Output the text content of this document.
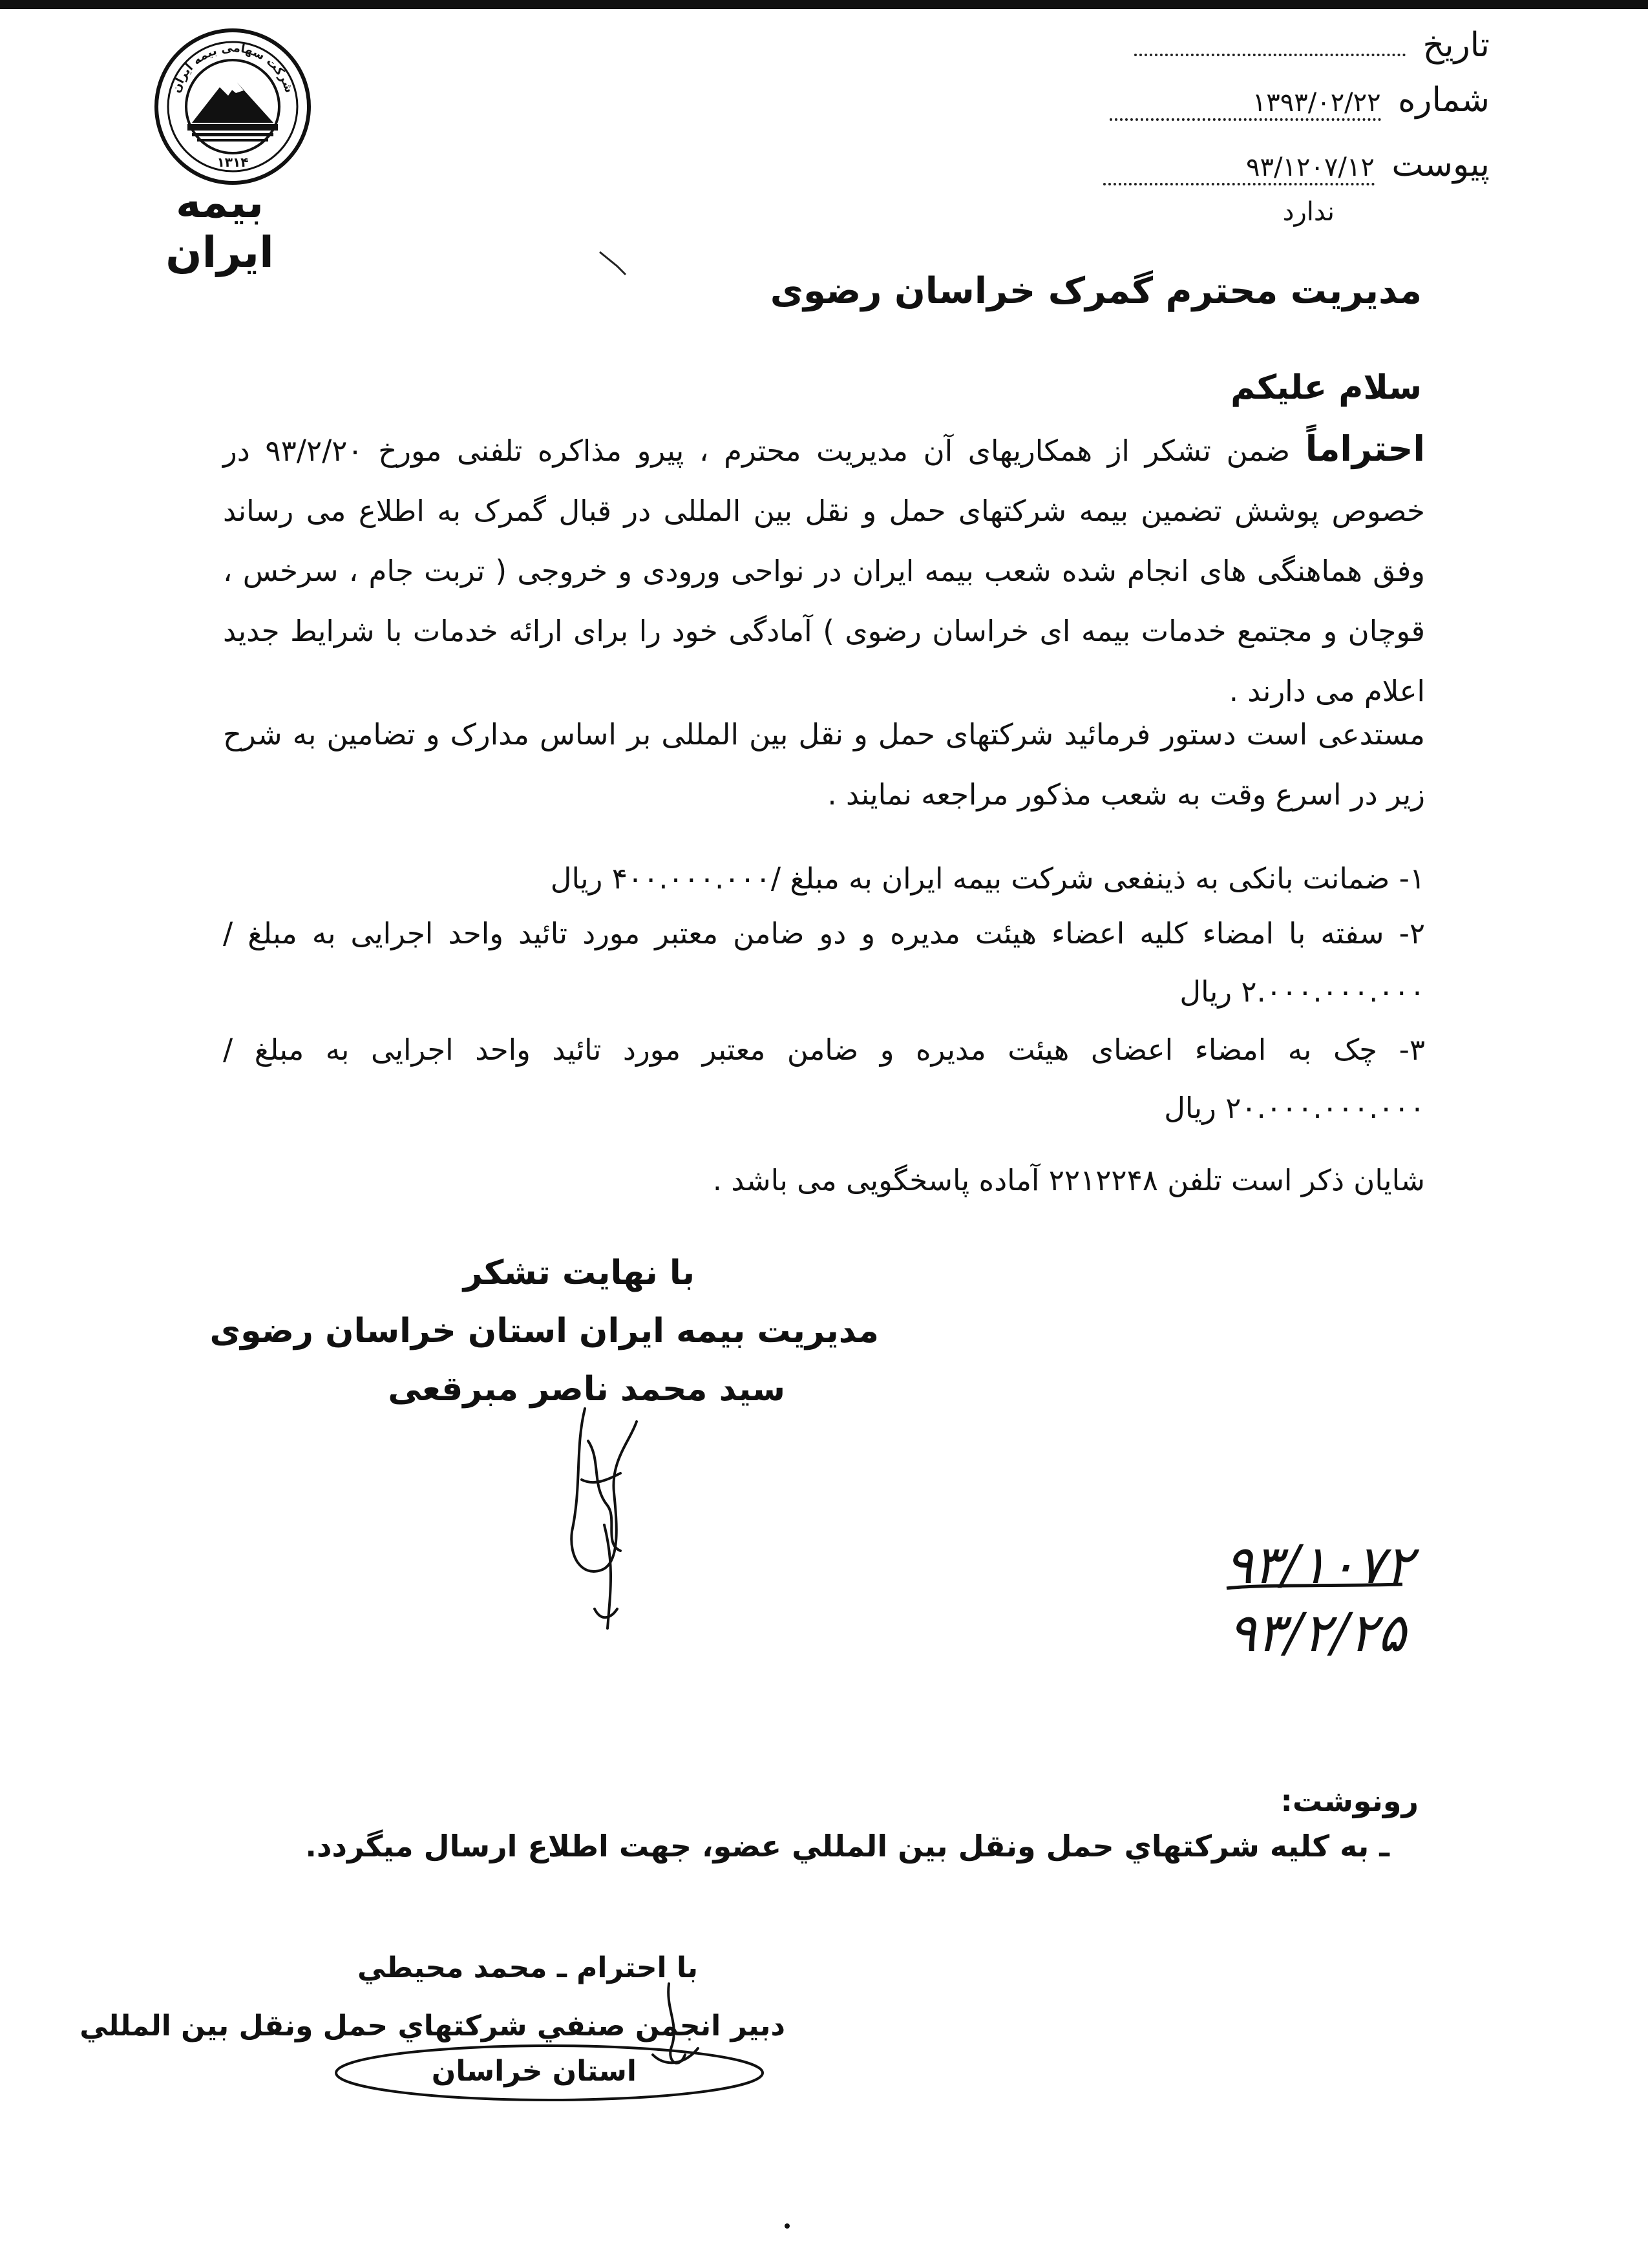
شرکت سهامی بیمه ایران
۱۳۱۴
بیمه ایران
تاریخ
شماره ۱۳۹۳/۰۲/۲۲
پیوست ۹۳/۱۲۰۷/۱۲
ندارد
مدیریت محترم گمرک خراسان رضوی
سلام علیکم
احتراماً ضمن تشکر از همکاریهای آن مدیریت محترم ، پیرو مذاکره تلفنی مورخ ۹۳/۲/۲۰ در خصوص پوشش تضمین بیمه شرکتهای حمل و نقل بین المللی در قبال گمرک به اطلاع می رساند وفق هماهنگی های انجام شده شعب بیمه ایران در نواحی ورودی و خروجی ( تربت جام ، سرخس ، قوچان و مجتمع خدمات بیمه ای خراسان رضوی ) آمادگی خود را برای ارائه خدمات با شرایط جدید اعلام می دارند .
مستدعی است دستور فرمائید شرکتهای حمل و نقل بین المللی بر اساس مدارک و تضامین به شرح زیر در اسرع وقت به شعب مذکور مراجعه نمایند .
۱- ضمانت بانکی به ذینفعی شرکت بیمه ایران به مبلغ /۴۰۰.۰۰۰.۰۰۰ ریال
۲- سفته با امضاء کلیه اعضاء هیئت مدیره و دو ضامن معتبر مورد تائید واحد اجرایی به مبلغ /۲.۰۰۰.۰۰۰.۰۰۰ ریال
۳- چک به امضاء اعضای هیئت مدیره و ضامن معتبر مورد تائید واحد اجرایی به مبلغ /۲۰.۰۰۰.۰۰۰.۰۰۰ ریال
شایان ذکر است تلفن ۲۲۱۲۲۴۸ آماده پاسخگویی می باشد .
با نهایت تشکر
مدیریت بیمه ایران استان خراسان رضوی
سید محمد ناصر مبرقعی
۹۳/۱۰۷۲
۹۳/۲/۲۵
رونوشت:
ـ به كليه شركتهاي حمل ونقل بين المللي عضو، جهت اطلاع ارسال ميگردد.
با احترام ـ محمد محيطي
دبير انجمن صنفي شركتهاي حمل ونقل بين المللي
استان خراسان
